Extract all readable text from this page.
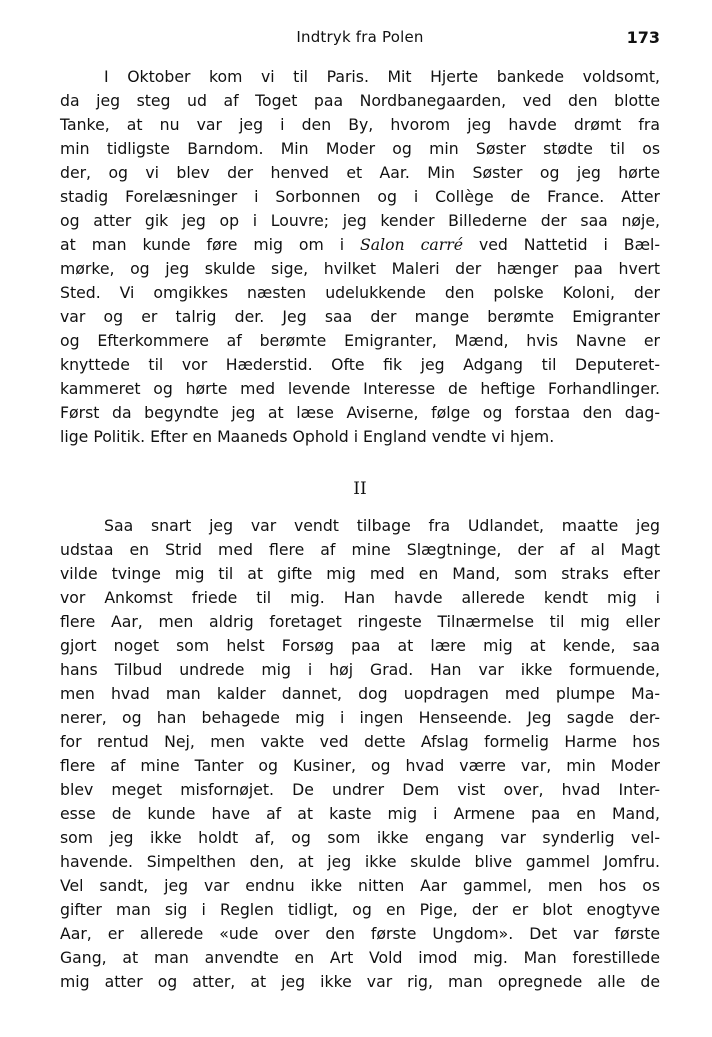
Indtryk fra Polen	173
I Oktober kom vi til Paris. Mit Hjerte bankede voldsomt,
da jeg steg ud af Toget paa Nordbanegaarden, ved den blotte
Tanke, at nu var jeg i den By, hvorom jeg havde drømt fra
min tidligste Barndom. Min Moder og min Søster stødte til os
der, og vi blev der henved et Aar. Min Søster og jeg hørte
stadig Forelæsninger i Sorbonnen og i Collège de France. Atter
og atter gik jeg op i Louvre; jeg kender Billederne der saa nøje,
at man kunde føre mig om i Salon carré ved Nattetid i Bæl-
mørke, og jeg skulde sige, hvilket Maleri der hænger paa hvert
Sted. Vi omgikkes næsten udelukkende den polske Koloni, der
var og er talrig der. Jeg saa der mange berømte Emigranter
og Efterkommere af berømte Emigranter, Mænd, hvis Navne er
knyttede til vor Hæderstid. Ofte fik jeg Adgang til Deputeret-
kammeret og hørte med levende Interesse de heftige Forhandlinger.
Først da begyndte jeg at læse Aviserne, følge og forstaa den dag-
lige Politik. Efter en Maaneds Ophold i England vendte vi hjem.
II
Saa snart jeg var vendt tilbage fra Udlandet, maatte jeg
udstaa en Strid med flere af mine Slægtninge, der af al Magt
vilde tvinge mig til at gifte mig med en Mand, som straks efter
vor Ankomst friede til mig. Han havde allerede kendt mig i
flere Aar, men aldrig foretaget ringeste Tilnærmelse til mig eller
gjort noget som helst Forsøg paa at lære mig at kende, saa
hans Tilbud undrede mig i høj Grad. Han var ikke formuende,
men hvad man kalder dannet, dog uopdragen med plumpe Ma-
nerer, og han behagede mig i ingen Henseende. Jeg sagde der-
for rentud Nej, men vakte ved dette Afslag formelig Harme hos
flere af mine Tanter og Kusiner, og hvad værre var, min Moder
blev meget misfornøjet. De undrer Dem vist over, hvad Inter-
esse de kunde have af at kaste mig i Armene paa en Mand,
som jeg ikke holdt af, og som ikke engang var synderlig vel-
havende. Simpelthen den, at jeg ikke skulde blive gammel Jomfru.
Vel sandt, jeg var endnu ikke nitten Aar gammel, men hos os
gifter man sig i Reglen tidligt, og en Pige, der er blot enogtyve
Aar, er allerede «ude over den første Ungdom». Det var første
Gang, at man anvendte en Art Vold imod mig. Man forestillede
mig atter og atter, at jeg ikke var rig, man opregnede alle de
